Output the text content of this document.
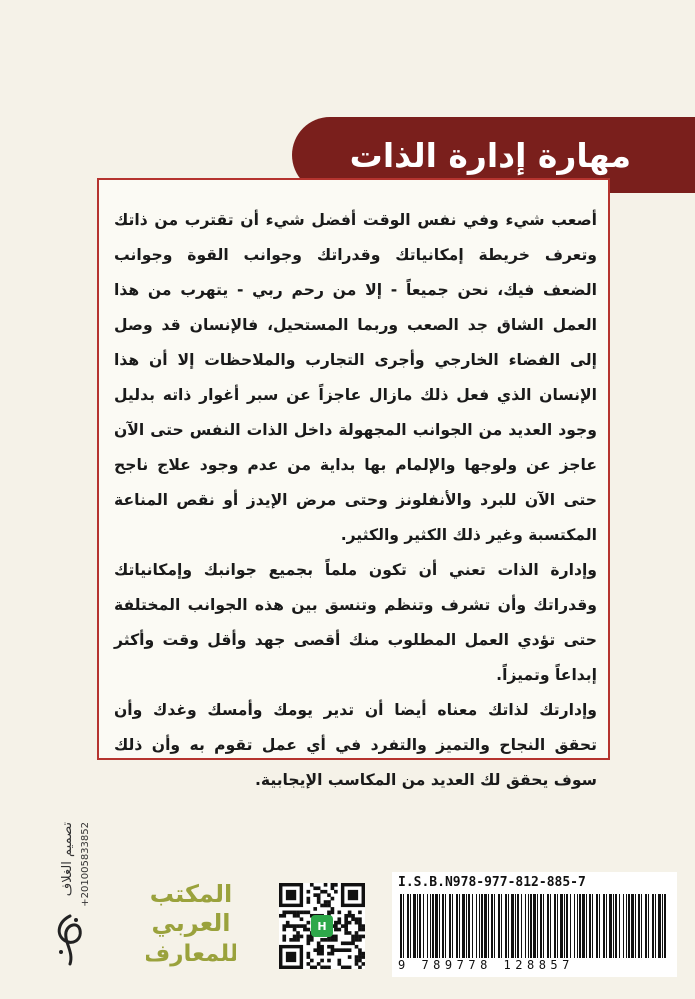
مهارة إدارة الذات

أصعب شيء وفي نفس الوقت أفضل شيء أن تقترب من ذاتك وتعرف خريطة إمكانياتك وقدراتك وجوانب القوة وجوانب الضعف فيك، نحن جميعاً - إلا من رحم ربي - يتهرب من هذا العمل الشاق جد الصعب وربما المستحيل، فالإنسان قد وصل إلى الفضاء الخارجي وأجرى التجارب والملاحظات إلا أن هذا الإنسان الذي فعل ذلك مازال عاجزاً عن سبر أغوار ذاته بدليل وجود العديد من الجوانب المجهولة داخل الذات النفس حتى الآن عاجز عن ولوجها والإلمام بها بداية من عدم وجود علاج ناجح حتى الآن للبرد والأنفلونز وحتى مرض الإيدز أو نقص المناعة المكتسبة وغير ذلك الكثير والكثير.

وإدارة الذات تعني أن تكون ملماً بجميع جوانبك وإمكانياتك وقدراتك وأن تشرف وتنظم وتنسق بين هذه الجوانب المختلفة حتى تؤدي العمل المطلوب منك أقصى جهد وأقل وقت وأكثر إبداعاً وتميزاً.

وإدارتك لذاتك معناه أيضا أن تدير يومك وأمسك وغدك وأن تحقق النجاح والتميز والتفرد في أي عمل تقوم به وأن ذلك سوف يحقق لك العديد من المكاسب الإيجابية.

تصميم الغلاف +201005833852 المكتب
العربي
للمعارف
H
I.S.B.N978-977-812-885-7
9 789778 128857
